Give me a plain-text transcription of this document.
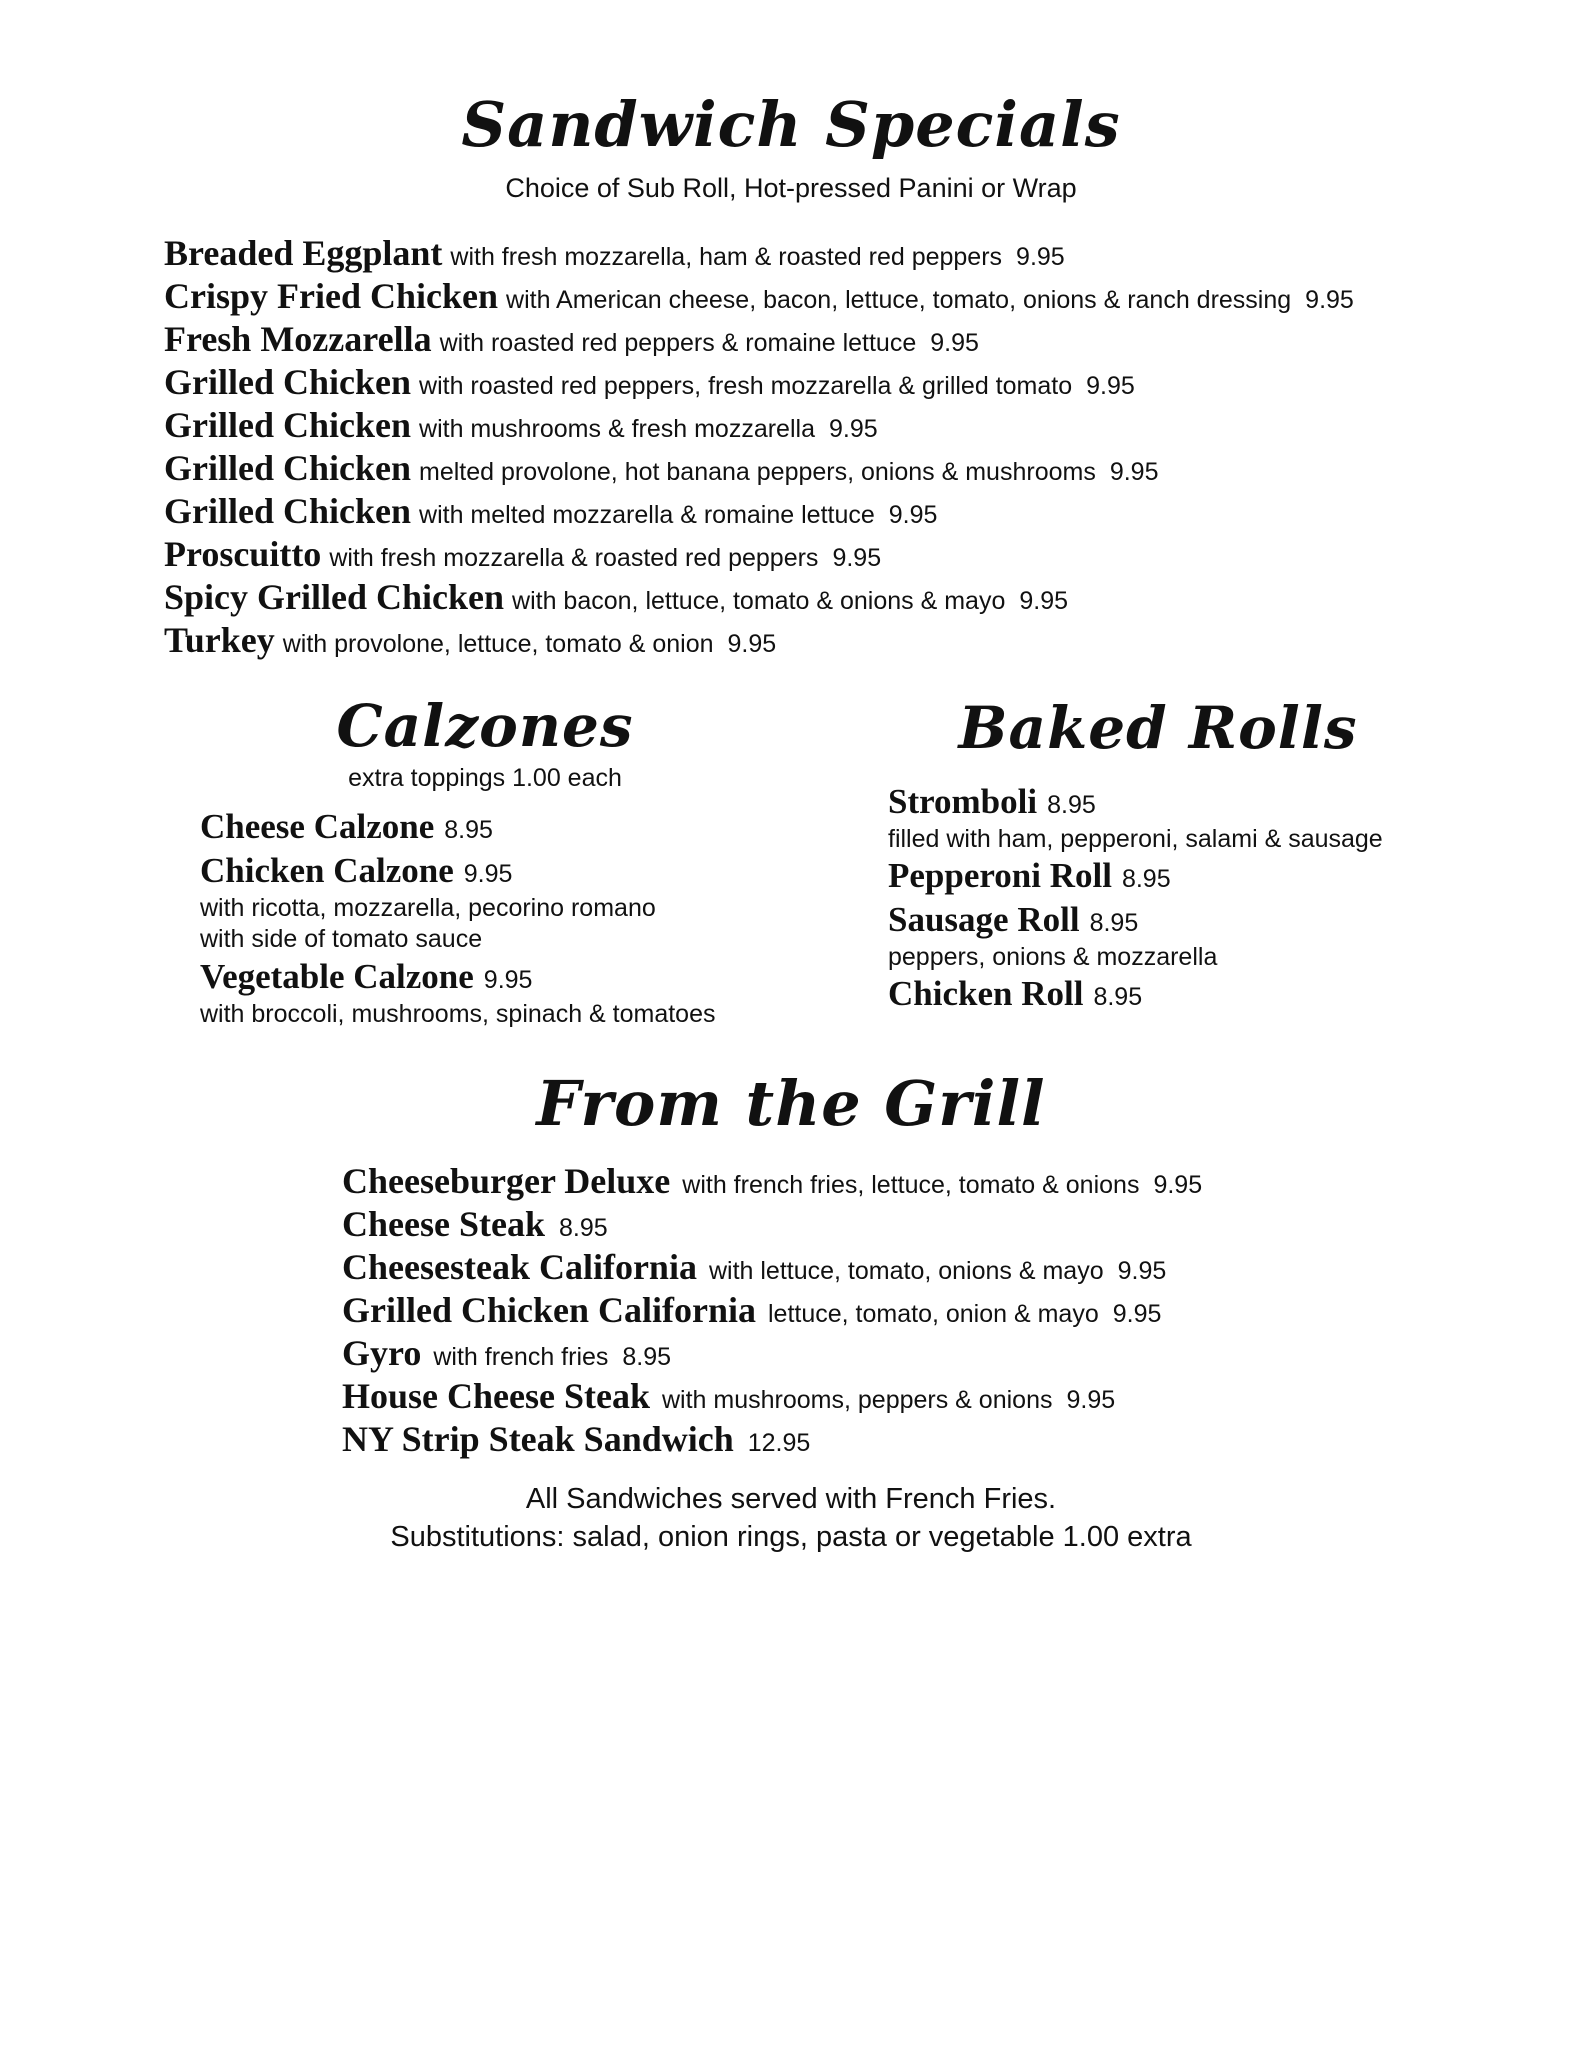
Sandwich Specials
Choice of Sub Roll, Hot-pressed Panini or Wrap
Breaded Eggplant with fresh mozzarella, ham & roasted red peppers 9.95
Crispy Fried Chicken with American cheese, bacon, lettuce, tomato, onions & ranch dressing 9.95
Fresh Mozzarella with roasted red peppers & romaine lettuce 9.95
Grilled Chicken with roasted red peppers, fresh mozzarella & grilled tomato 9.95
Grilled Chicken with mushrooms & fresh mozzarella 9.95
Grilled Chicken melted provolone, hot banana peppers, onions & mushrooms 9.95
Grilled Chicken with melted mozzarella & romaine lettuce 9.95
Proscuitto with fresh mozzarella & roasted red peppers 9.95
Spicy Grilled Chicken with bacon, lettuce, tomato & onions & mayo 9.95
Turkey with provolone, lettuce, tomato & onion 9.95
Calzones
extra toppings 1.00 each
Cheese Calzone 8.95
Chicken Calzone 9.95
with ricotta, mozzarella, pecorino romano
with side of tomato sauce
Vegetable Calzone 9.95
with broccoli, mushrooms, spinach & tomatoes
Baked Rolls
Stromboli 8.95
filled with ham, pepperoni, salami & sausage
Pepperoni Roll 8.95
Sausage Roll 8.95
peppers, onions & mozzarella
Chicken Roll 8.95
From the Grill
Cheeseburger Deluxe with french fries, lettuce, tomato & onions 9.95
Cheese Steak 8.95
Cheesesteak California with lettuce, tomato, onions & mayo 9.95
Grilled Chicken California lettuce, tomato, onion & mayo 9.95
Gyro with french fries 8.95
House Cheese Steak with mushrooms, peppers & onions 9.95
NY Strip Steak Sandwich 12.95
All Sandwiches served with French Fries.
Substitutions: salad, onion rings, pasta or vegetable 1.00 extra
